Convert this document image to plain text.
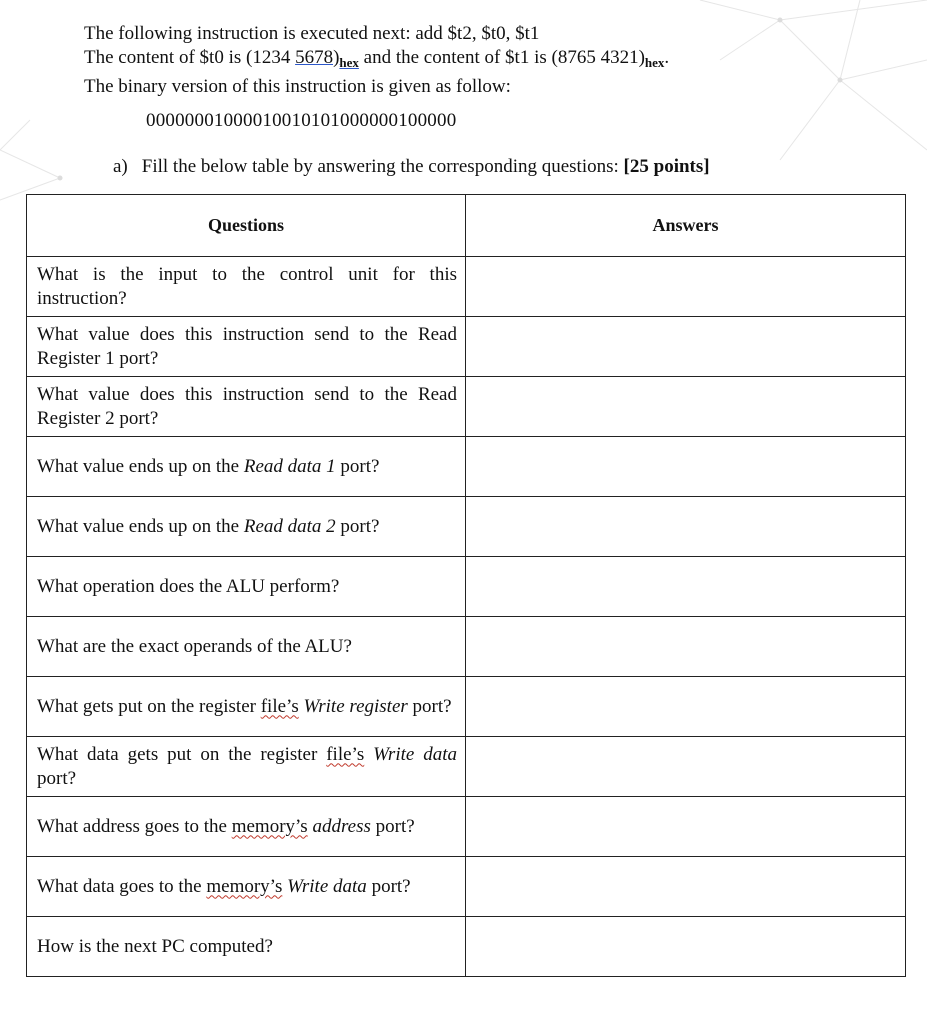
The following instruction is executed next: add $t2, $t0, $t1
The content of $t0 is (1234 $5678)_{hex}$ and the content of $t1 is (8765 $4321)_{hex}$.
The binary version of this instruction is given as follow:
00000001000010010101000000100000
a) Fill the below table by answering the corresponding questions: [25 points]
Questions	Answers
What is the input to the control unit for this instruction?	
What value does this instruction send to the Read Register 1 port?	
What value does this instruction send to the Read Register 2 port?	
What value ends up on the Read data 1 port?	
What value ends up on the Read data 2 port?	
What operation does the ALU perform?	
What are the exact operands of the ALU?	
What gets put on the register file’s Write register port?	
What data gets put on the register file’s Write data port?	
What address goes to the memory’s address port?	
What data goes to the memory’s Write data port?	
How is the next PC computed?	
